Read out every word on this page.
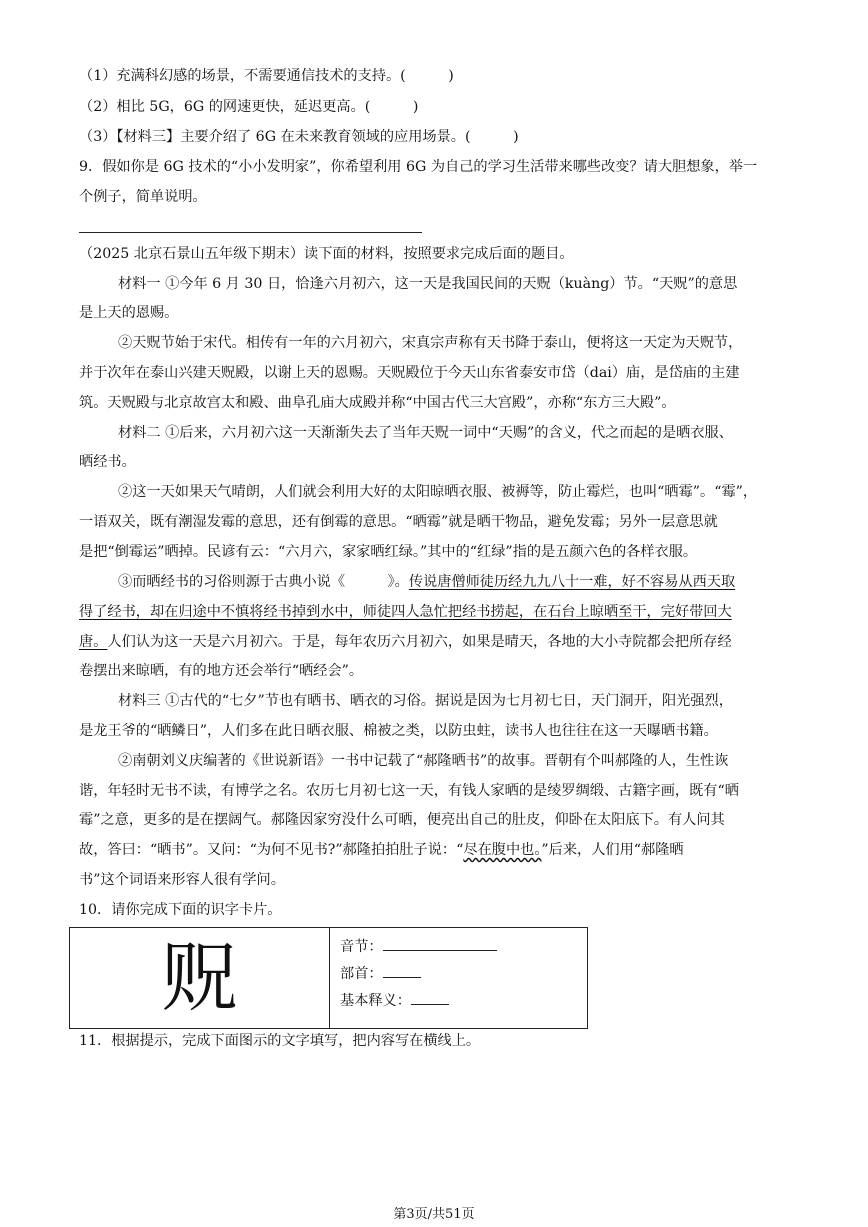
（1）充满科幻感的场景，不需要通信技术的支持。(　　　)
（2）相比 5G，6G 的网速更快，延迟更高。(　　　)
（3）【材料三】主要介绍了 6G 在未来教育领域的应用场景。(　　　)
9．假如你是 6G 技术的“小小发明家”，你希望利用 6G 为自己的学习生活带来哪些改变？请大胆想象，举一
个例子，简单说明。
（2025 北京石景山五年级下期末）读下面的材料，按照要求完成后面的题目。
材料一 ①今年 6 月 30 日，恰逢六月初六，这一天是我国民间的天贶（kuàng）节。“天贶”的意思
是上天的恩赐。
②天贶节始于宋代。相传有一年的六月初六，宋真宗声称有天书降于泰山，便将这一天定为天贶节，
并于次年在泰山兴建天贶殿，以谢上天的恩赐。天贶殿位于今天山东省泰安市岱（dai）庙，是岱庙的主建
筑。天贶殿与北京故宫太和殿、曲阜孔庙大成殿并称“中国古代三大宫殿”，亦称“东方三大殿”。
材料二 ①后来，六月初六这一天渐渐失去了当年天贶一词中“天赐”的含义，代之而起的是晒衣服、
晒经书。
②这一天如果天气晴朗，人们就会利用大好的太阳晾晒衣服、被褥等，防止霉烂，也叫“晒霉”。“霉”，
一语双关，既有潮湿发霉的意思，还有倒霉的意思。“晒霉”就是晒干物品，避免发霉；另外一层意思就
是把“倒霉运”晒掉。民谚有云：“六月六，家家晒红绿。”其中的“红绿”指的是五颜六色的各样衣服。
③而晒经书的习俗则源于古典小说《　　　》。传说唐僧师徒历经九九八十一难，好不容易从西天取
得了经书，却在归途中不慎将经书掉到水中，师徒四人急忙把经书捞起，在石台上晾晒至干，完好带回大
唐。人们认为这一天是六月初六。于是，每年农历六月初六，如果是晴天，各地的大小寺院都会把所存经
卷摆出来晾晒，有的地方还会举行“晒经会”。
材料三 ①古代的“七夕”节也有晒书、晒衣的习俗。据说是因为七月初七日，天门洞开，阳光强烈，
是龙王爷的“晒鳞日”，人们多在此日晒衣服、棉被之类，以防虫蛀，读书人也往往在这一天曝晒书籍。
②南朝刘义庆编著的《世说新语》一书中记载了“郝隆晒书”的故事。晋朝有个叫郝隆的人，生性诙
谐，年轻时无书不读，有博学之名。农历七月初七这一天，有钱人家晒的是绫罗绸缎、古籍字画，既有“晒
霉”之意，更多的是在摆阔气。郝隆因家穷没什么可晒，便亮出自己的肚皮，仰卧在太阳底下。有人问其
故，答曰：“晒书”。又问：“为何不见书?”郝隆拍拍肚子说：“尽在腹中也。”后来，人们用“郝隆晒
书”这个词语来形容人很有学问。
10．请你完成下面的识字卡片。
贶	音节：
部首：
基本释义：
11．根据提示，完成下面图示的文字填写，把内容写在横线上。
第3页/共51页
